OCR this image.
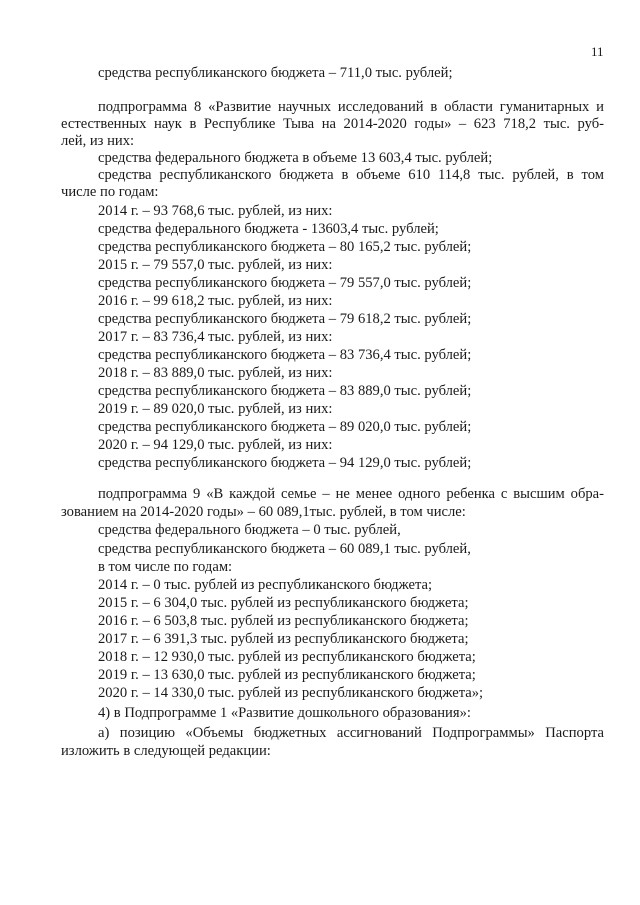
11
средства республиканского бюджета – 711,0 тыс. рублей;
подпрограмма 8 «Развитие научных исследований в области гуманитарных и
естественных наук в Республике Тыва на 2014-2020 годы» – 623 718,2 тыс. руб-
лей, из них:
средства федерального бюджета в объеме 13 603,4 тыс. рублей;
средства республиканского бюджета в объеме 610 114,8 тыс. рублей, в том
числе по годам:
2014 г. – 93 768,6 тыс. рублей, из них:
средства федерального бюджета - 13603,4 тыс. рублей;
средства республиканского бюджета – 80 165,2 тыс. рублей;
2015 г. – 79 557,0 тыс. рублей, из них:
средства республиканского бюджета – 79 557,0 тыс. рублей;
2016 г. – 99 618,2 тыс. рублей, из них:
средства республиканского бюджета – 79 618,2 тыс. рублей;
2017 г. – 83 736,4 тыс. рублей, из них:
средства республиканского бюджета – 83 736,4 тыс. рублей;
2018 г. – 83 889,0 тыс. рублей, из них:
средства республиканского бюджета – 83 889,0 тыс. рублей;
2019 г. – 89 020,0 тыс. рублей, из них:
средства республиканского бюджета – 89 020,0 тыс. рублей;
2020 г. – 94 129,0 тыс. рублей, из них:
средства республиканского бюджета – 94 129,0 тыс. рублей;
подпрограмма 9 «В каждой семье – не менее одного ребенка с высшим обра-
зованием на 2014-2020 годы» – 60 089,1тыс. рублей, в том числе:
средства федерального бюджета – 0 тыс. рублей,
средства республиканского бюджета – 60 089,1 тыс. рублей,
в том числе по годам:
2014 г. – 0 тыс. рублей из республиканского бюджета;
2015 г. – 6 304,0 тыс. рублей из республиканского бюджета;
2016 г. – 6 503,8 тыс. рублей из республиканского бюджета;
2017 г. – 6 391,3 тыс. рублей из республиканского бюджета;
2018 г. – 12 930,0 тыс. рублей из республиканского бюджета;
2019 г. – 13 630,0 тыс. рублей из республиканского бюджета;
2020 г. – 14 330,0 тыс. рублей из республиканского бюджета»;
4) в Подпрограмме 1 «Развитие дошкольного образования»:
а) позицию «Объемы бюджетных ассигнований Подпрограммы» Паспорта
изложить в следующей редакции:
